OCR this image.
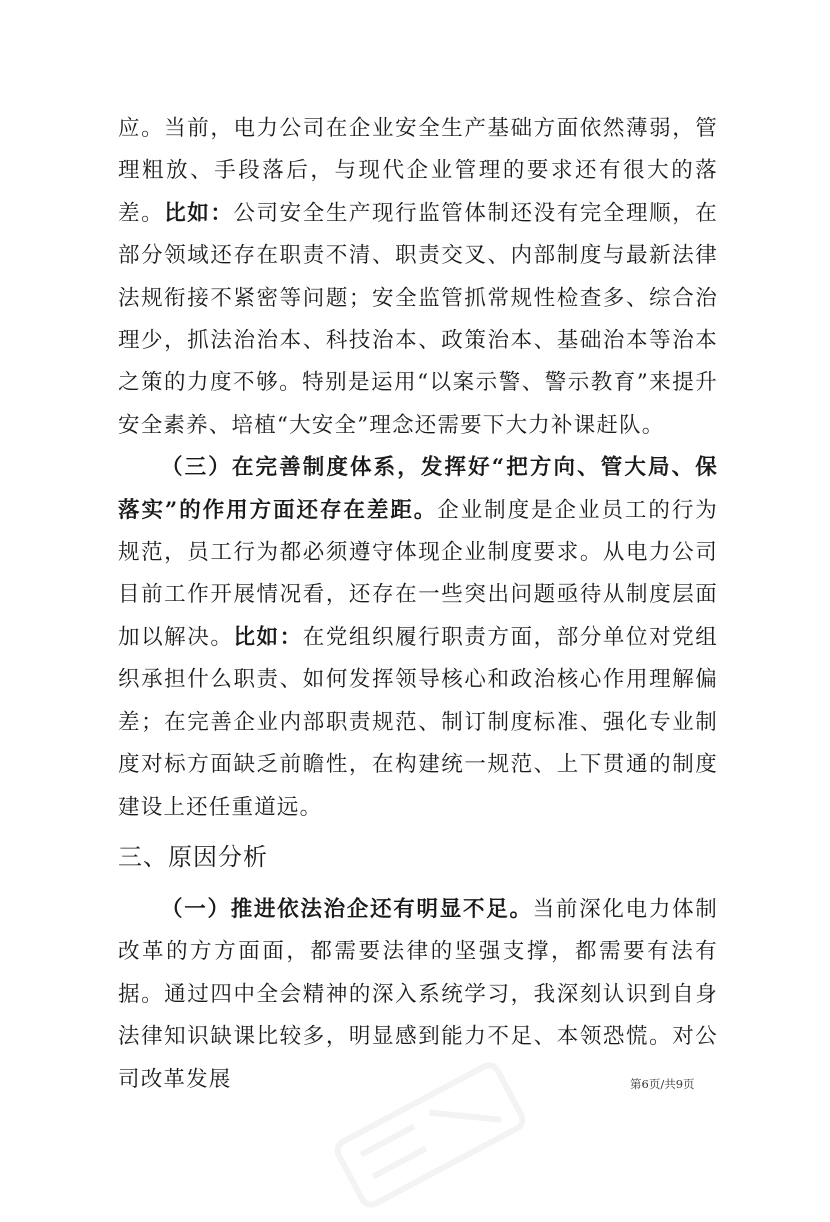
应。当前，电力公司在企业安全生产基础方面依然薄弱，管理粗放、手段落后，与现代企业管理的要求还有很大的落差。比如：公司安全生产现行监管体制还没有完全理顺，在部分领域还存在职责不清、职责交叉、内部制度与最新法律法规衔接不紧密等问题；安全监管抓常规性检查多、综合治理少，抓法治治本、科技治本、政策治本、基础治本等治本之策的力度不够。特别是运用“以案示警、警示教育”来提升安全素养、培植“大安全”理念还需要下大力补课赶队。

（三）在完善制度体系，发挥好“把方向、管大局、保落实”的作用方面还存在差距。企业制度是企业员工的行为规范，员工行为都必须遵守体现企业制度要求。从电力公司目前工作开展情况看，还存在一些突出问题亟待从制度层面加以解决。比如：在党组织履行职责方面，部分单位对党组织承担什么职责、如何发挥领导核心和政治核心作用理解偏差；在完善企业内部职责规范、制订制度标准、强化专业制度对标方面缺乏前瞻性，在构建统一规范、上下贯通的制度建设上还任重道远。

三、原因分析

（一）推进依法治企还有明显不足。当前深化电力体制改革的方方面面，都需要法律的坚强支撑，都需要有法有据。通过四中全会精神的深入系统学习，我深刻认识到自身法律知识缺课比较多，明显感到能力不足、本领恐慌。对公司改革发展	第6页/共9页
